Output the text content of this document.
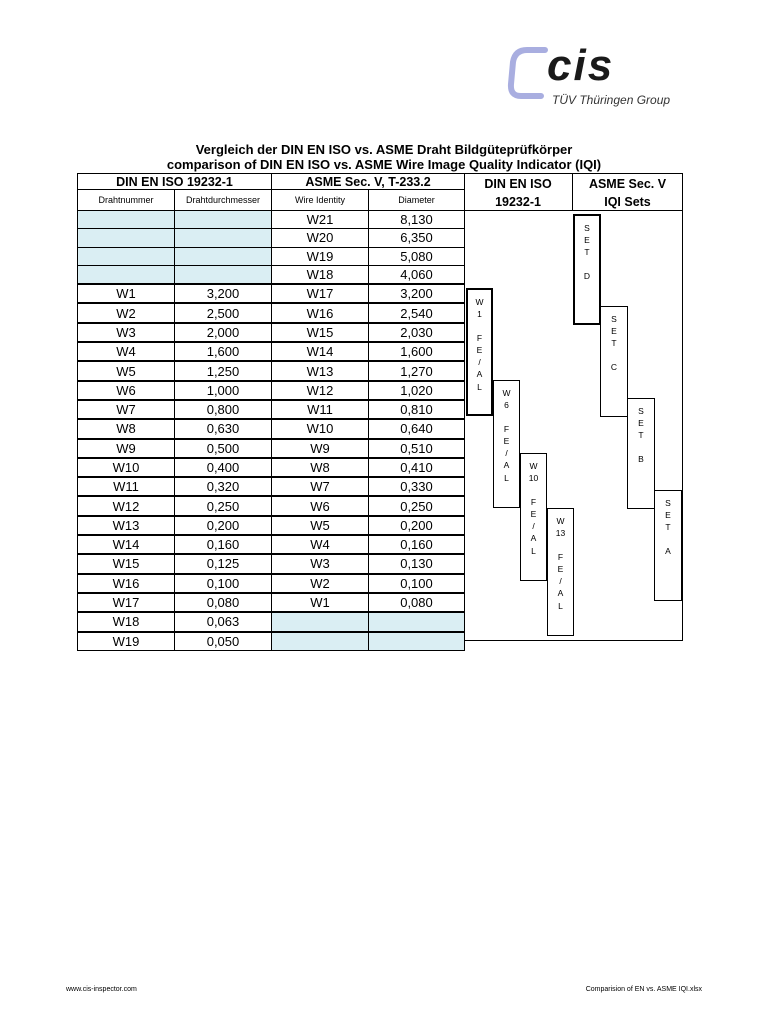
cis
TÜV Thüringen Group
Vergleich der DIN EN ISO vs. ASME Draht Bildgüteprüfkörper
comparison of DIN EN ISO vs. ASME Wire Image Quality Indicator (IQI)
DIN EN ISO 19232-1		ASME Sec. V, T-233.2	
Drahtnummer	Drahtdurchmesser	Wire Identity	Diameter
		W21	8,130
		W20	6,350
		W19	5,080
		W18	4,060
W1	3,200	W17	3,200
W2	2,500	W16	2,540
W3	2,000	W15	2,030
W4	1,600	W14	1,600
W5	1,250	W13	1,270
W6	1,000	W12	1,020
W7	0,800	W11	0,810
W8	0,630	W10	0,640
W9	0,500	W9	0,510
W10	0,400	W8	0,410
W11	0,320	W7	0,330
W12	0,250	W6	0,250
W13	0,200	W5	0,200
W14	0,160	W4	0,160
W15	0,125	W3	0,130
W16	0,100	W2	0,100
W17	0,080	W1	0,080
W18	0,063		
W19	0,050		
DIN EN ISO
19232-1
ASME Sec. V
IQI Sets
W
1
F
E
/
A
L
W
6
F
E
/
A
L
W
10
F
E
/
A
L
W
13
F
E
/
A
L
S
E
T
D
S
E
T
C
S
E
T
B
S
E
T
A
www.cis-inspector.com	Comparision of EN vs. ASME IQI.xlsx
